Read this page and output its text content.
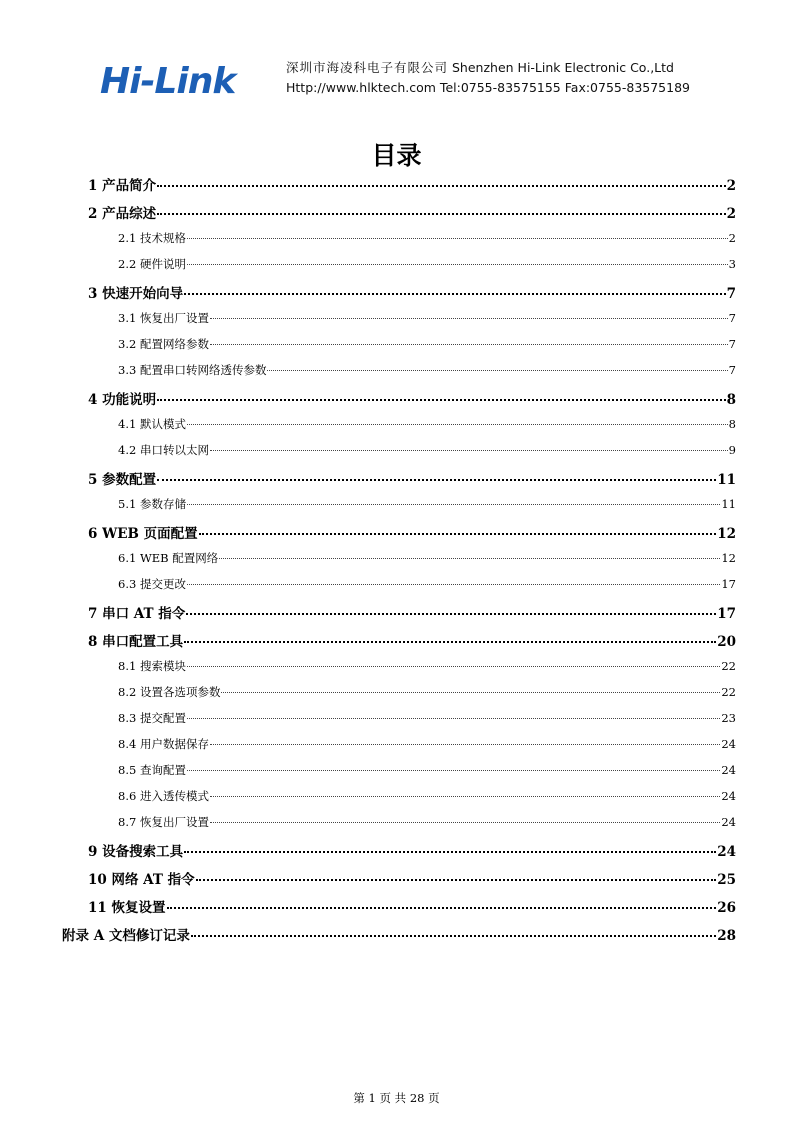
Hi-Link	深圳市海凌科电子有限公司 Shenzhen Hi-Link Electronic Co.,Ltd
Http://www.hlktech.com Tel:0755-83575155 Fax:0755-83575189
目录
1 产品简介	2
2 产品综述	2
2.1 技术规格	2
2.2 硬件说明	3
3 快速开始向导	7
3.1 恢复出厂设置	7
3.2 配置网络参数	7
3.3 配置串口转网络透传参数	7
4 功能说明	8
4.1 默认模式	8
4.2 串口转以太网	9
5 参数配置	11
5.1 参数存储	11
6 WEB 页面配置	12
6.1 WEB 配置网络	12
6.3 提交更改	17
7 串口 AT 指令	17
8 串口配置工具	20
8.1 搜索模块	22
8.2 设置各选项参数	22
8.3 提交配置	23
8.4 用户数据保存	24
8.5 查询配置	24
8.6 进入透传模式	24
8.7 恢复出厂设置	24
9 设备搜索工具	24
10 网络 AT 指令	25
11 恢复设置	26
附录 A 文档修订记录	28
第 1 页 共 28 页
